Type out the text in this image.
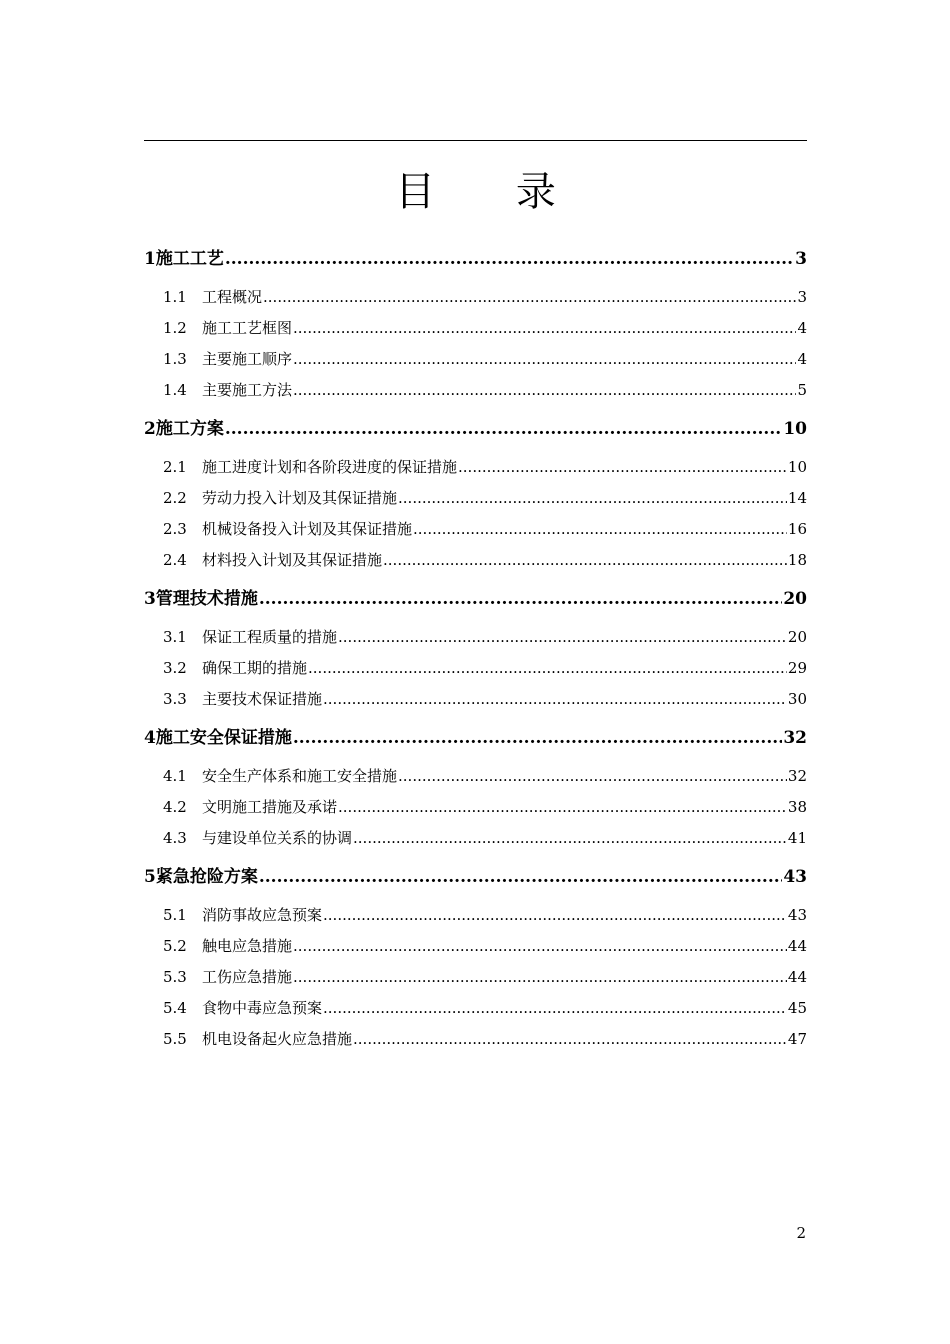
目 录
1 施工工艺 .....	3
1.1	工程概况 .....	3
1.2	施工工艺框图 .....	4
1.3	主要施工顺序 .....	4
1.4	主要施工方法 .....	5
2 施工方案 .....	10
2.1	施工进度计划和各阶段进度的保证措施 .....	10
2.2	劳动力投入计划及其保证措施 .....	14
2.3	机械设备投入计划及其保证措施 .....	16
2.4	材料投入计划及其保证措施 .....	18
3 管理技术措施 .....	20
3.1	保证工程质量的措施 .....	20
3.2	确保工期的措施 .....	29
3.3	主要技术保证措施 .....	30
4 施工安全保证措施 .....	32
4.1	安全生产体系和施工安全措施 .....	32
4.2	文明施工措施及承诺 .....	38
4.3	与建设单位关系的协调 .....	41
5 紧急抢险方案 .....	43
5.1	消防事故应急预案 .....	43
5.2	触电应急措施 .....	44
5.3	工伤应急措施 .....	44
5.4	食物中毒应急预案 .....	45
5.5	机电设备起火应急措施 .....	47
2
